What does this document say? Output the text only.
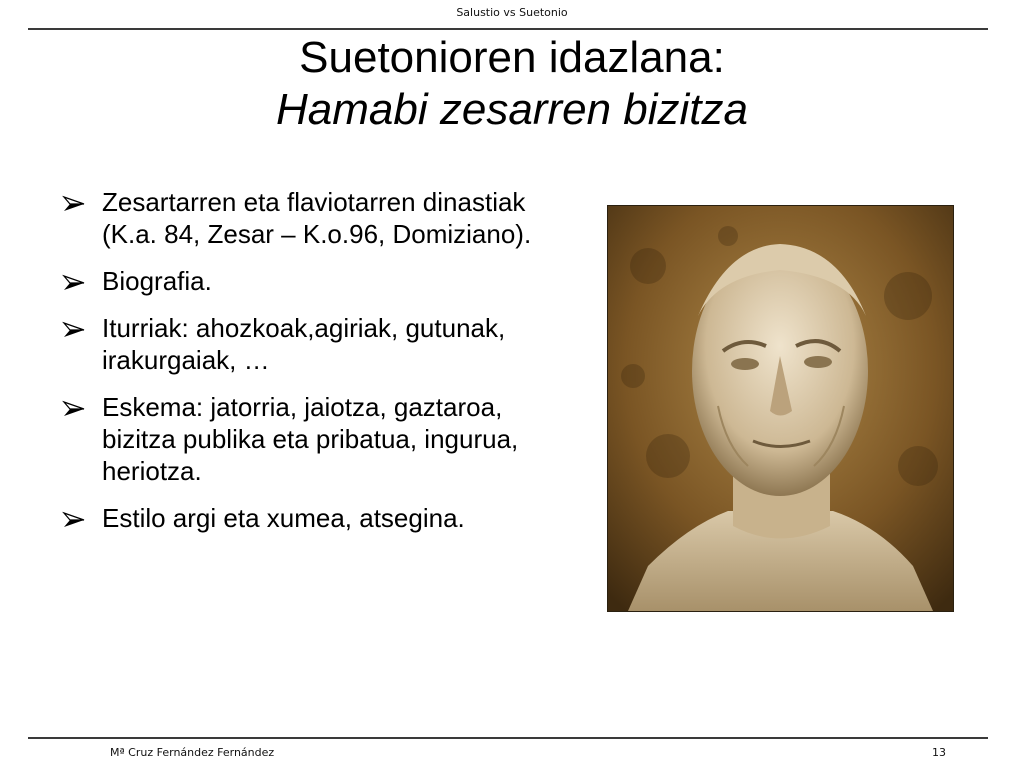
Salustio vs Suetonio
Suetonioren idazlana:
Hamabi zesarren bizitza
Zesartarren eta flaviotarren dinastiak (K.a. 84, Zesar – K.o.96, Domiziano).
Biografia.
Iturriak: ahozkoak,agiriak, gutunak, irakurgaiak, …
Eskema: jatorria, jaiotza, gaztaroa, bizitza publika eta pribatua, ingurua, heriotza.
Estilo argi eta xumea, atsegina.
Mª Cruz Fernández Fernández	13
